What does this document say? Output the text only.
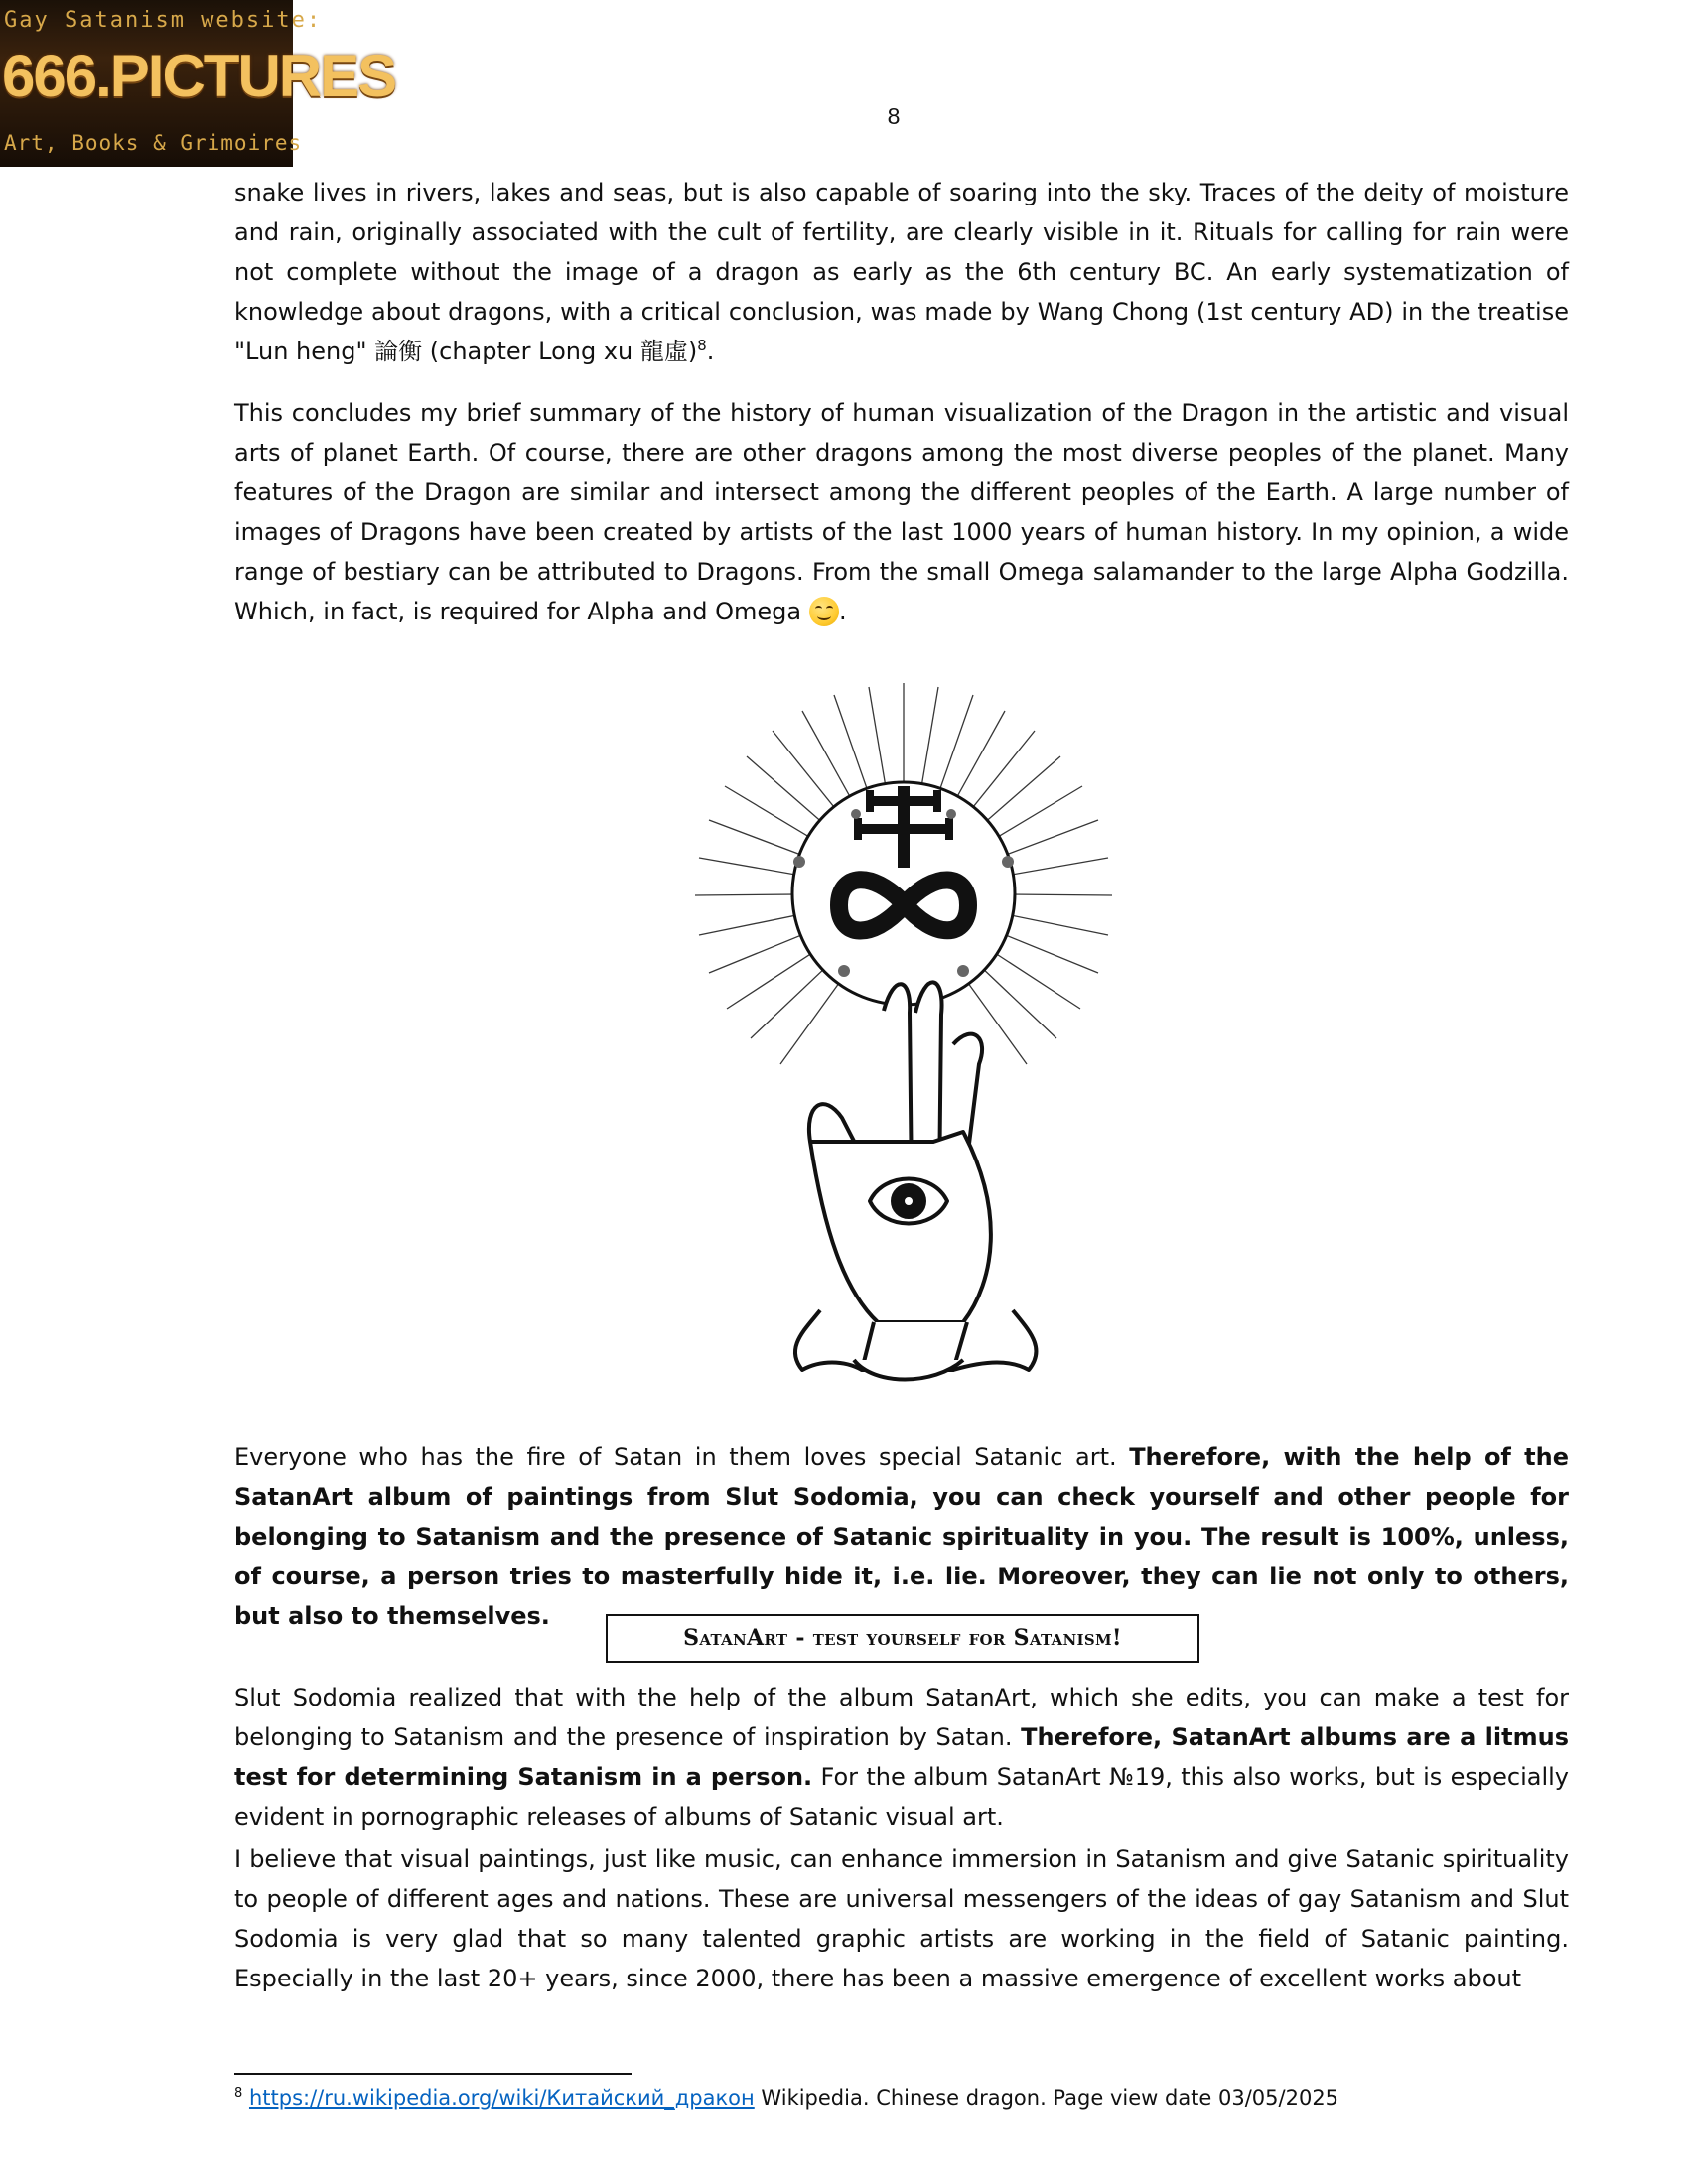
Gay Satanism website:
666.PICTURES
Art, Books & Grimoires
8
snake lives in rivers, lakes and seas, but is also capable of soaring into the sky. Traces of the deity of moisture and rain, originally associated with the cult of fertility, are clearly visible in it. Rituals for calling for rain were not complete without the image of a dragon as early as the 6th century BC. An early systematization of knowledge about dragons, with a critical conclusion, was made by Wang Chong (1st century AD) in the treatise "Lun heng" 論衡 (chapter Long xu 龍虛)$^8$.
This concludes my brief summary of the history of human visualization of the Dragon in the artistic and visual arts of planet Earth. Of course, there are other dragons among the most diverse peoples of the planet. Many features of the Dragon are similar and intersect among the different peoples of the Earth. A large number of images of Dragons have been created by artists of the last 1000 years of human history. In my opinion, a wide range of bestiary can be attributed to Dragons. From the small Omega salamander to the large Alpha Godzilla. Which, in fact, is required for Alpha and Omega .
Everyone who has the fire of Satan in them loves special Satanic art. Therefore, with the help of the SatanArt album of paintings from Slut Sodomia, you can check yourself and other people for belonging to Satanism and the presence of Satanic spirituality in you. The result is 100%, unless, of course, a person tries to masterfully hide it, i.e. lie. Moreover, they can lie not only to others, but also to themselves.
SatanArt - test yourself for Satanism!
Slut Sodomia realized that with the help of the album SatanArt, which she edits, you can make a test for belonging to Satanism and the presence of inspiration by Satan. Therefore, SatanArt albums are a litmus test for determining Satanism in a person. For the album SatanArt №19, this also works, but is especially evident in pornographic releases of albums of Satanic visual art.
I believe that visual paintings, just like music, can enhance immersion in Satanism and give Satanic spirituality to people of different ages and nations. These are universal messengers of the ideas of gay Satanism and Slut Sodomia is very glad that so many talented graphic artists are working in the field of Satanic painting. Especially in the last 20+ years, since 2000, there has been a massive emergence of excellent works about
$^8$ https://ru.wikipedia.org/wiki/Китайский_дракон Wikipedia. Chinese dragon. Page view date 03/05/2025
